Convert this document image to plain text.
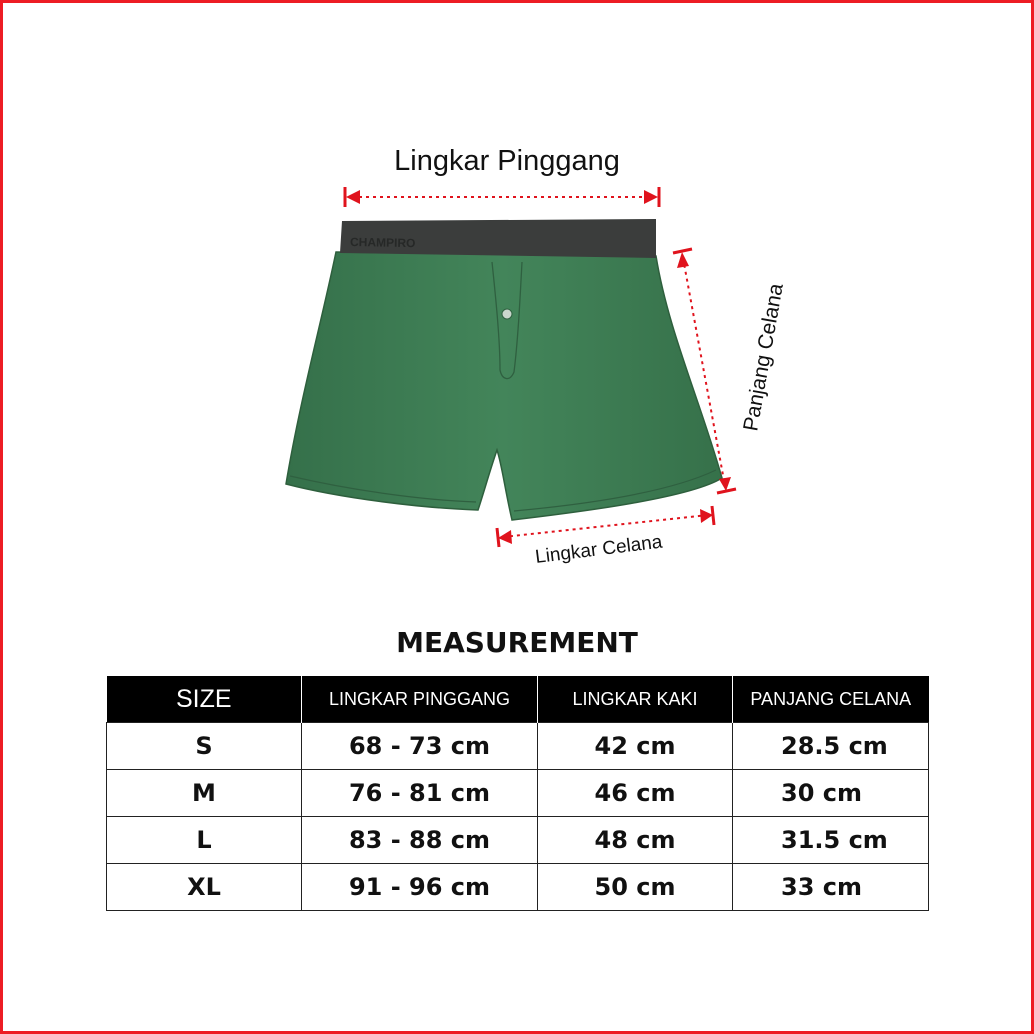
Lingkar Pinggang
CHAMPIRO
Panjang Celana
Lingkar Celana
MEASUREMENT
SIZE	LINGKAR PINGGANG	LINGKAR KAKI	PANJANG CELANA
S	68 - 73 cm	42 cm	28.5 cm
M	76 - 81 cm	46 cm	30 cm
L	83 - 88 cm	48 cm	31.5 cm
XL	91 - 96 cm	50 cm	33 cm
